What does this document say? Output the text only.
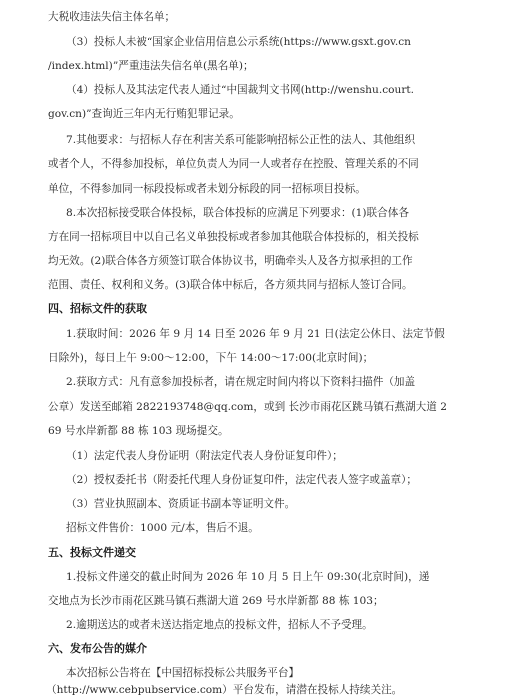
大税收违法失信主体名单；
（3）投标人未被“国家企业信用信息公示系统(https://www.gsxt.gov.cn
/index.html)”严重违法失信名单(黑名单)；
（4）投标人及其法定代表人通过“中国裁判文书网(http://wenshu.court.
gov.cn)”查询近三年内无行贿犯罪记录。
7.其他要求：与招标人存在利害关系可能影响招标公正性的法人、其他组织
或者个人，不得参加投标，单位负责人为同一人或者存在控股、管理关系的不同
单位，不得参加同一标段投标或者未划分标段的同一招标项目投标。
8.本次招标接受联合体投标，联合体投标的应满足下列要求：(1)联合体各
方在同一招标项目中以自己名义单独投标或者参加其他联合体投标的，相关投标
均无效。(2)联合体各方须签订联合体协议书，明确牵头人及各方拟承担的工作
范围、责任、权利和义务。(3)联合体中标后，各方须共同与招标人签订合同。
四、招标文件的获取
1.获取时间：2026 年 9 月 14 日至 2026 年 9 月 21 日(法定公休日、法定节假
日除外)，每日上午 9:00～12:00，下午 14:00～17:00(北京时间)；
2.获取方式：凡有意参加投标者，请在规定时间内将以下资料扫描件（加盖
公章）发送至邮箱 2822193748@qq.com，或到 长沙市雨花区跳马镇石燕湖大道 2
69 号水岸新都 88 栋 103 现场提交。
（1）法定代表人身份证明（附法定代表人身份证复印件）；
（2）授权委托书（附委托代理人身份证复印件，法定代表人签字或盖章）；
（3）营业执照副本、资质证书副本等证明文件。
招标文件售价：1000 元/本，售后不退。
五、投标文件递交
1.投标文件递交的截止时间为 2026 年 10 月 5 日上午 09:30(北京时间)，递
交地点为长沙市雨花区跳马镇石燕湖大道 269 号水岸新都 88 栋 103；
2.逾期送达的或者未送达指定地点的投标文件，招标人不予受理。
六、发布公告的媒介
本次招标公告将在【中国招标投标公共服务平台】
（http://www.cebpubservice.com）平台发布，请潜在投标人持续关注。
